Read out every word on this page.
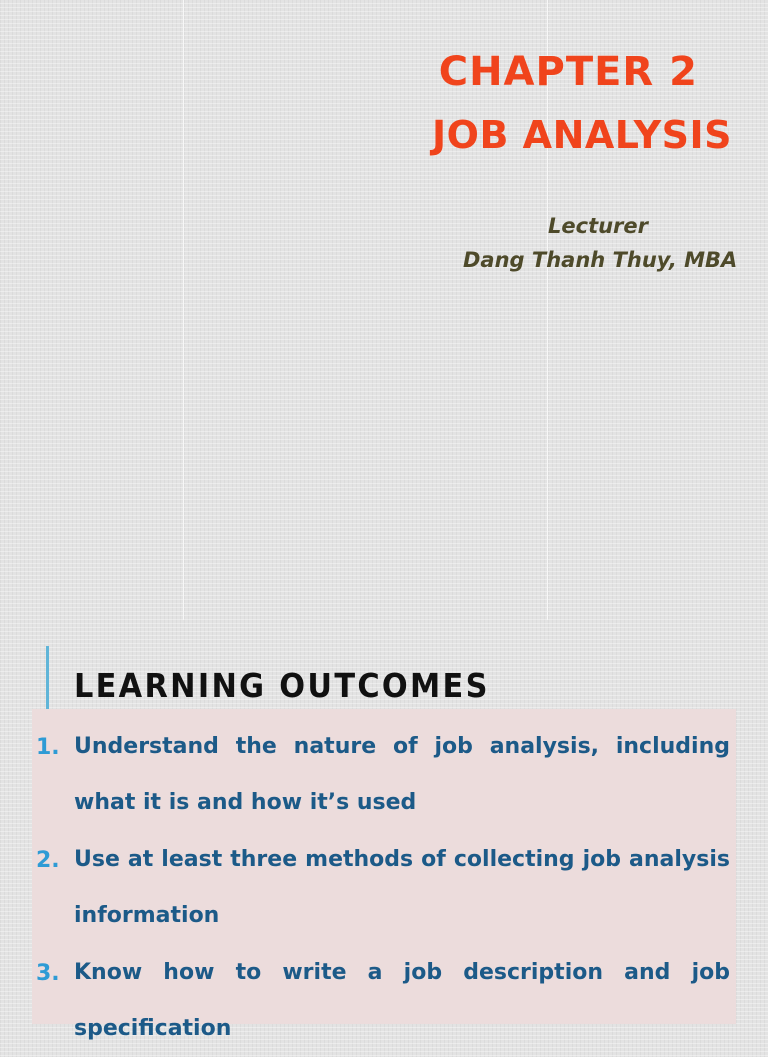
CHAPTER 2
JOB ANALYSIS
Lecturer
Dang Thanh Thuy, MBA
LEARNING OUTCOMES
1. Understand the nature of job analysis, including what it is and how it’s used
2. Use at least three methods of collecting job analysis information
3. Know how to write a job description and job specification
